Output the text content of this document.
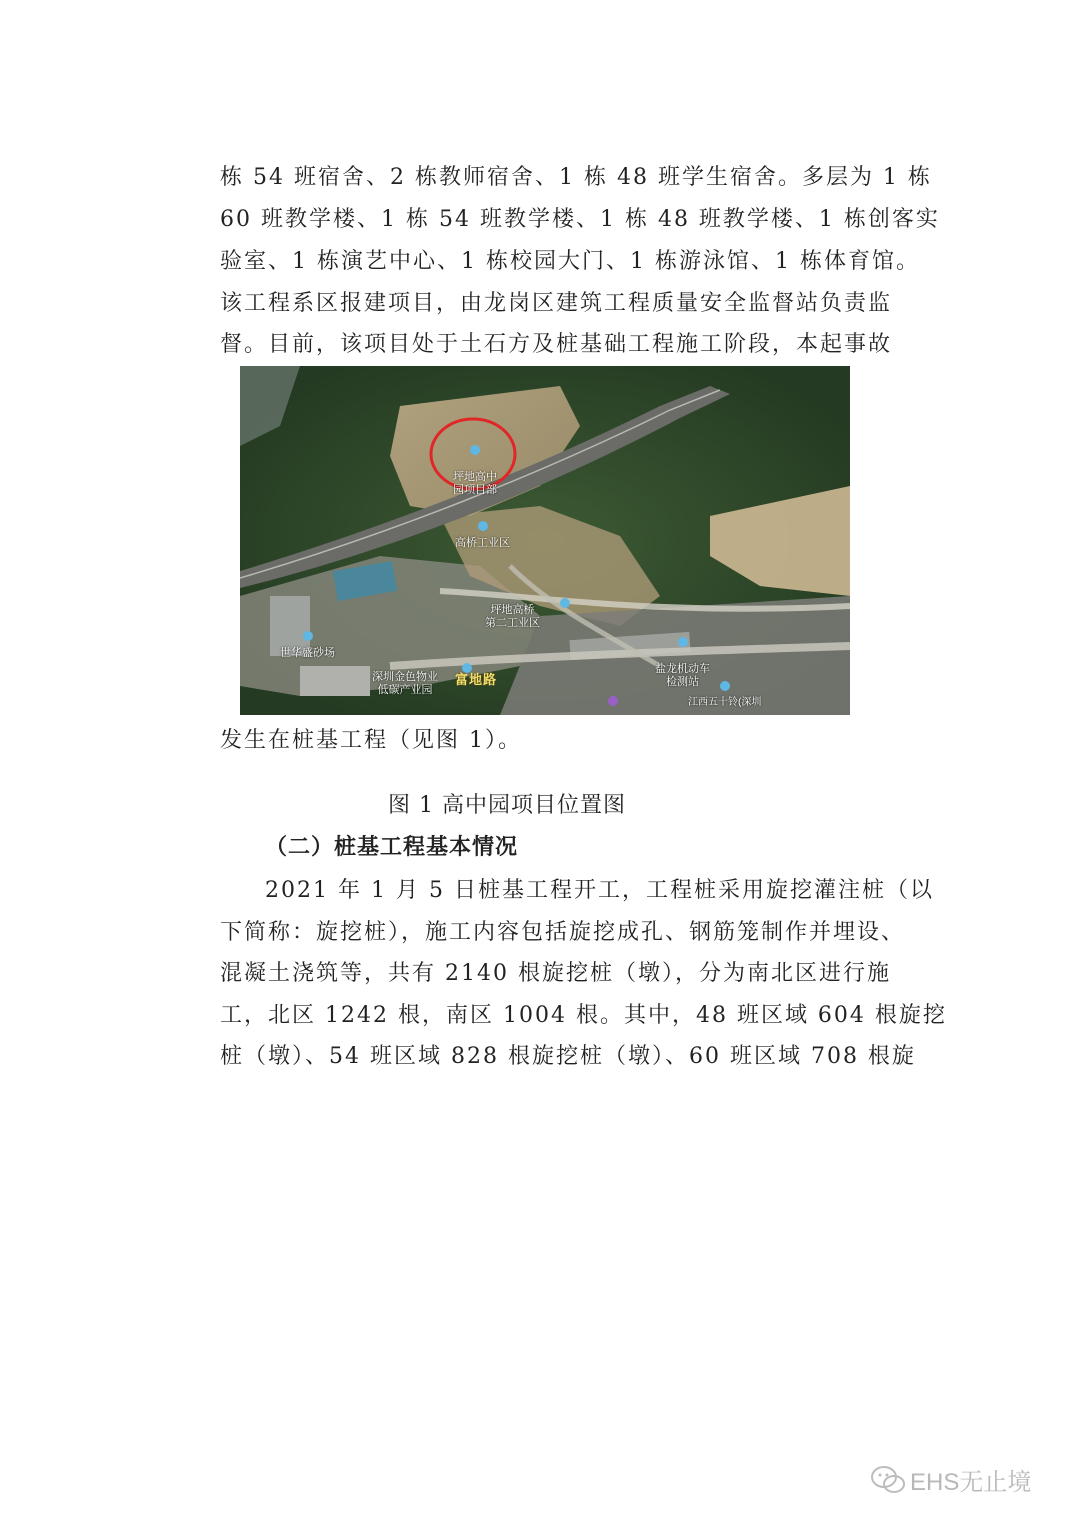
栋 54 班宿舍、2 栋教师宿舍、1 栋 48 班学生宿舍。多层为 1 栋
60 班教学楼、1 栋 54 班教学楼、1 栋 48 班教学楼、1 栋创客实
验室、1 栋演艺中心、1 栋校园大门、1 栋游泳馆、1 栋体育馆。
该工程系区报建项目，由龙岗区建筑工程质量安全监督站负责监
督。目前，该项目处于土石方及桩基础工程施工阶段，本起事故

坪地高中
园项目部

高桥工业区

坪地高桥
第二工业区

世华盛砂场

深圳金色物业
低碳产业园

盐龙机动车
检测站

富地路
江西五十铃(深圳
发生在桩基工程（见图 1）。
图 1 高中园项目位置图
（二）桩基工程基本情况
2021 年 1 月 5 日桩基工程开工，工程桩采用旋挖灌注桩（以
下简称：旋挖桩），施工内容包括旋挖成孔、钢筋笼制作并埋设、
混凝土浇筑等，共有 2140 根旋挖桩（墩），分为南北区进行施
工，北区 1242 根，南区 1004 根。其中，48 班区域 604 根旋挖
桩（墩）、54 班区域 828 根旋挖桩（墩）、60 班区域 708 根旋
EHS无止境
